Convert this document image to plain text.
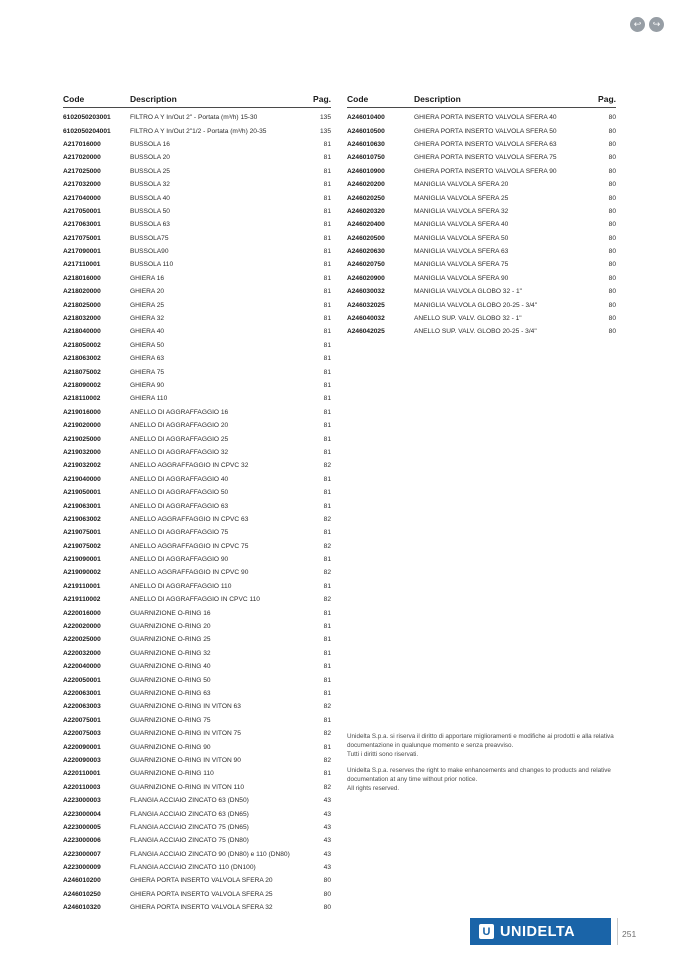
↩	↪
Code	Description	Pag.
6102050203001	FILTRO A Y In/Out 2" - Portata (m³/h) 15-30	135
6102050204001	FILTRO A Y In/Out 2"1/2 - Portata (m³/h) 20-35	135
A217016000	BUSSOLA 16	81
A217020000	BUSSOLA 20	81
A217025000	BUSSOLA 25	81
A217032000	BUSSOLA 32	81
A217040000	BUSSOLA 40	81
A217050001	BUSSOLA 50	81
A217063001	BUSSOLA 63	81
A217075001	BUSSOLA75	81
A217090001	BUSSOLA90	81
A217110001	BUSSOLA 110	81
A218016000	GHIERA 16	81
A218020000	GHIERA 20	81
A218025000	GHIERA 25	81
A218032000	GHIERA 32	81
A218040000	GHIERA 40	81
A218050002	GHIERA 50	81
A218063002	GHIERA 63	81
A218075002	GHIERA 75	81
A218090002	GHIERA 90	81
A218110002	GHIERA 110	81
A219016000	ANELLO DI AGGRAFFAGGIO 16	81
A219020000	ANELLO DI AGGRAFFAGGIO 20	81
A219025000	ANELLO DI AGGRAFFAGGIO 25	81
A219032000	ANELLO DI AGGRAFFAGGIO 32	81
A219032002	ANELLO AGGRAFFAGGIO IN CPVC 32	82
A219040000	ANELLO DI AGGRAFFAGGIO 40	81
A219050001	ANELLO DI AGGRAFFAGGIO 50	81
A219063001	ANELLO DI AGGRAFFAGGIO 63	81
A219063002	ANELLO AGGRAFFAGGIO IN CPVC 63	82
A219075001	ANELLO DI AGGRAFFAGGIO 75	81
A219075002	ANELLO AGGRAFFAGGIO IN CPVC 75	82
A219090001	ANELLO DI AGGRAFFAGGIO 90	81
A219090002	ANELLO AGGRAFFAGGIO IN CPVC 90	82
A219110001	ANELLO DI AGGRAFFAGGIO 110	81
A219110002	ANELLO DI AGGRAFFAGGIO IN CPVC 110	82
A220016000	GUARNIZIONE O-RING 16	81
A220020000	GUARNIZIONE O-RING 20	81
A220025000	GUARNIZIONE O-RING 25	81
A220032000	GUARNIZIONE O-RING 32	81
A220040000	GUARNIZIONE O-RING 40	81
A220050001	GUARNIZIONE O-RING 50	81
A220063001	GUARNIZIONE O-RING 63	81
A220063003	GUARNIZIONE O-RING IN VITON 63	82
A220075001	GUARNIZIONE O-RING 75	81
A220075003	GUARNIZIONE O-RING IN VITON 75	82
A220090001	GUARNIZIONE O-RING 90	81
A220090003	GUARNIZIONE O-RING IN VITON 90	82
A220110001	GUARNIZIONE O-RING 110	81
A220110003	GUARNIZIONE O-RING IN VITON 110	82
A223000003	FLANGIA ACCIAIO ZINCATO 63 (DN50)	43
A223000004	FLANGIA ACCIAIO ZINCATO 63 (DN65)	43
A223000005	FLANGIA ACCIAIO ZINCATO 75 (DN65)	43
A223000006	FLANGIA ACCIAIO ZINCATO 75 (DN80)	43
A223000007	FLANGIA ACCIAIO ZINCATO 90 (DN80) e 110 (DN80)	43
A223000009	FLANGIA ACCIAIO ZINCATO 110 (DN100)	43
A246010200	GHIERA PORTA INSERTO VALVOLA SFERA 20	80
A246010250	GHIERA PORTA INSERTO VALVOLA SFERA 25	80
A246010320	GHIERA PORTA INSERTO VALVOLA SFERA 32	80
Code	Description	Pag.
A246010400	GHIERA PORTA INSERTO VALVOLA SFERA 40	80
A246010500	GHIERA PORTA INSERTO VALVOLA SFERA 50	80
A246010630	GHIERA PORTA INSERTO VALVOLA SFERA 63	80
A246010750	GHIERA PORTA INSERTO VALVOLA SFERA 75	80
A246010900	GHIERA PORTA INSERTO VALVOLA SFERA 90	80
A246020200	MANIGLIA VALVOLA SFERA 20	80
A246020250	MANIGLIA VALVOLA SFERA 25	80
A246020320	MANIGLIA VALVOLA SFERA 32	80
A246020400	MANIGLIA VALVOLA SFERA 40	80
A246020500	MANIGLIA VALVOLA SFERA 50	80
A246020630	MANIGLIA VALVOLA SFERA 63	80
A246020750	MANIGLIA VALVOLA SFERA 75	80
A246020900	MANIGLIA VALVOLA SFERA 90	80
A246030032	MANIGLIA VALVOLA GLOBO 32 - 1"	80
A246032025	MANIGLIA VALVOLA GLOBO 20-25 - 3/4"	80
A246040032	ANELLO SUP. VALV. GLOBO 32 - 1"	80
A246042025	ANELLO SUP. VALV. GLOBO 20-25 - 3/4"	80

Unidelta S.p.a. si riserva il diritto di apportare miglioramenti e modifiche ai prodotti e alla relativa documentazione in qualunque momento e senza preavviso.

Tutti i diritti sono riservati.

Unidelta S.p.a. reserves the right to make enhancements and changes to products and relative documentation at any time without prior notice.

All rights reserved.

U UNIDELTA	251
